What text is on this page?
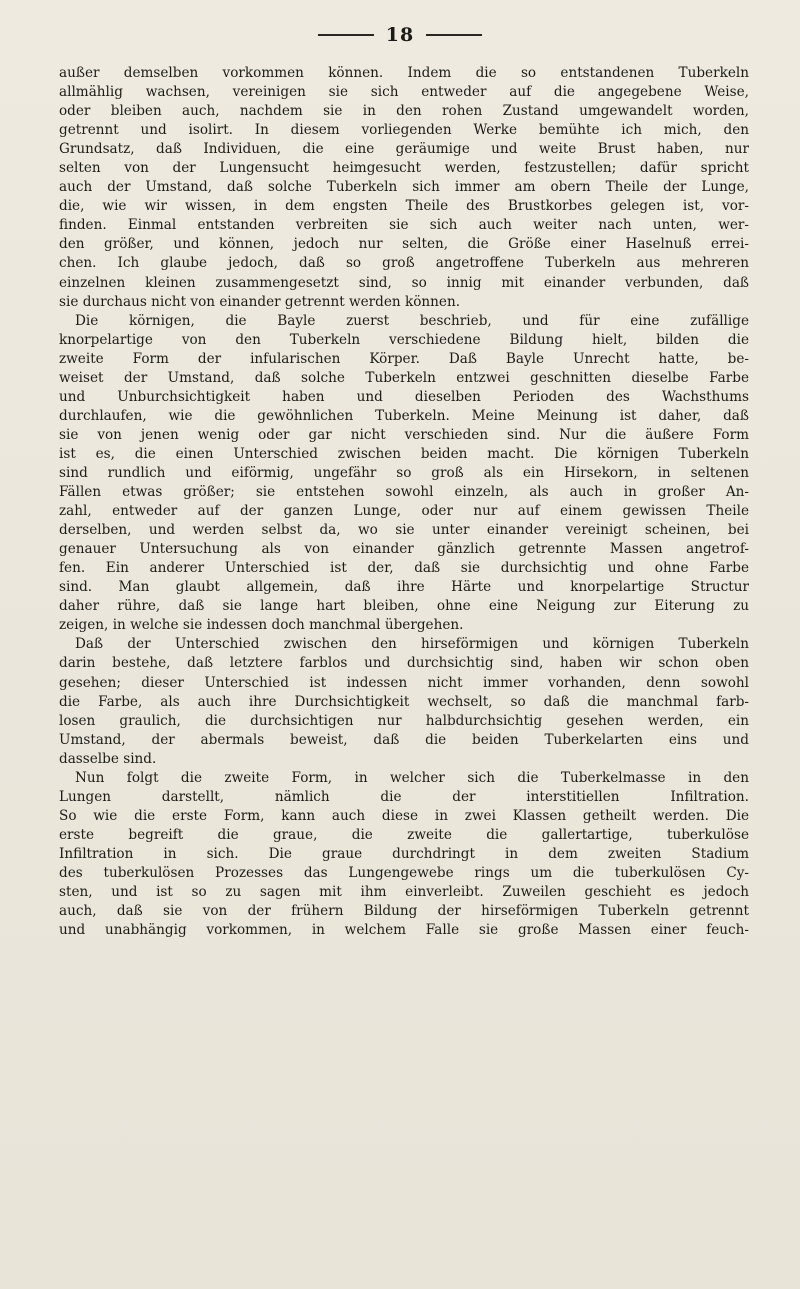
18
außer demselben vorkommen können. Indem die so entstandenen Tuberkeln
allmählig wachsen, vereinigen sie sich entweder auf die angegebene Weise,
oder bleiben auch, nachdem sie in den rohen Zustand umgewandelt worden,
getrennt und isolirt. In diesem vorliegenden Werke bemühte ich mich, den
Grundsatz, daß Individuen, die eine geräumige und weite Brust haben, nur
selten von der Lungensucht heimgesucht werden, festzustellen; dafür spricht
auch der Umstand, daß solche Tuberkeln sich immer am obern Theile der Lunge,
die, wie wir wissen, in dem engsten Theile des Brustkorbes gelegen ist, vor-
finden. Einmal entstanden verbreiten sie sich auch weiter nach unten, wer-
den größer, und können, jedoch nur selten, die Größe einer Haselnuß errei-
chen. Ich glaube jedoch, daß so groß angetroffene Tuberkeln aus mehreren
einzelnen kleinen zusammengesetzt sind, so innig mit einander verbunden, daß
sie durchaus nicht von einander getrennt werden können.
Die körnigen, die Bayle zuerst beschrieb, und für eine zufällige
knorpelartige von den Tuberkeln verschiedene Bildung hielt, bilden die
zweite Form der infularischen Körper. Daß Bayle Unrecht hatte, be-
weiset der Umstand, daß solche Tuberkeln entzwei geschnitten dieselbe Farbe
und Unburchsichtigkeit haben und dieselben Perioden des Wachsthums
durchlaufen, wie die gewöhnlichen Tuberkeln. Meine Meinung ist daher, daß
sie von jenen wenig oder gar nicht verschieden sind. Nur die äußere Form
ist es, die einen Unterschied zwischen beiden macht. Die körnigen Tuberkeln
sind rundlich und eiförmig, ungefähr so groß als ein Hirsekorn, in seltenen
Fällen etwas größer; sie entstehen sowohl einzeln, als auch in großer An-
zahl, entweder auf der ganzen Lunge, oder nur auf einem gewissen Theile
derselben, und werden selbst da, wo sie unter einander vereinigt scheinen, bei
genauer Untersuchung als von einander gänzlich getrennte Massen angetrof-
fen. Ein anderer Unterschied ist der, daß sie durchsichtig und ohne Farbe
sind. Man glaubt allgemein, daß ihre Härte und knorpelartige Structur
daher rühre, daß sie lange hart bleiben, ohne eine Neigung zur Eiterung zu
zeigen, in welche sie indessen doch manchmal übergehen.
Daß der Unterschied zwischen den hirseförmigen und körnigen Tuberkeln
darin bestehe, daß letztere farblos und durchsichtig sind, haben wir schon oben
gesehen; dieser Unterschied ist indessen nicht immer vorhanden, denn sowohl
die Farbe, als auch ihre Durchsichtigkeit wechselt, so daß die manchmal farb-
losen graulich, die durchsichtigen nur halbdurchsichtig gesehen werden, ein
Umstand, der abermals beweist, daß die beiden Tuberkelarten eins und
dasselbe sind.
Nun folgt die zweite Form, in welcher sich die Tuberkelmasse in den
Lungen darstellt, nämlich die der interstitiellen Infiltration.
So wie die erste Form, kann auch diese in zwei Klassen getheilt werden. Die
erste begreift die graue, die zweite die gallertartige, tuberkulöse
Infiltration in sich. Die graue durchdringt in dem zweiten Stadium
des tuberkulösen Prozesses das Lungengewebe rings um die tuberkulösen Cy-
sten, und ist so zu sagen mit ihm einverleibt. Zuweilen geschieht es jedoch
auch, daß sie von der frühern Bildung der hirseförmigen Tuberkeln getrennt
und unabhängig vorkommen, in welchem Falle sie große Massen einer feuch-
